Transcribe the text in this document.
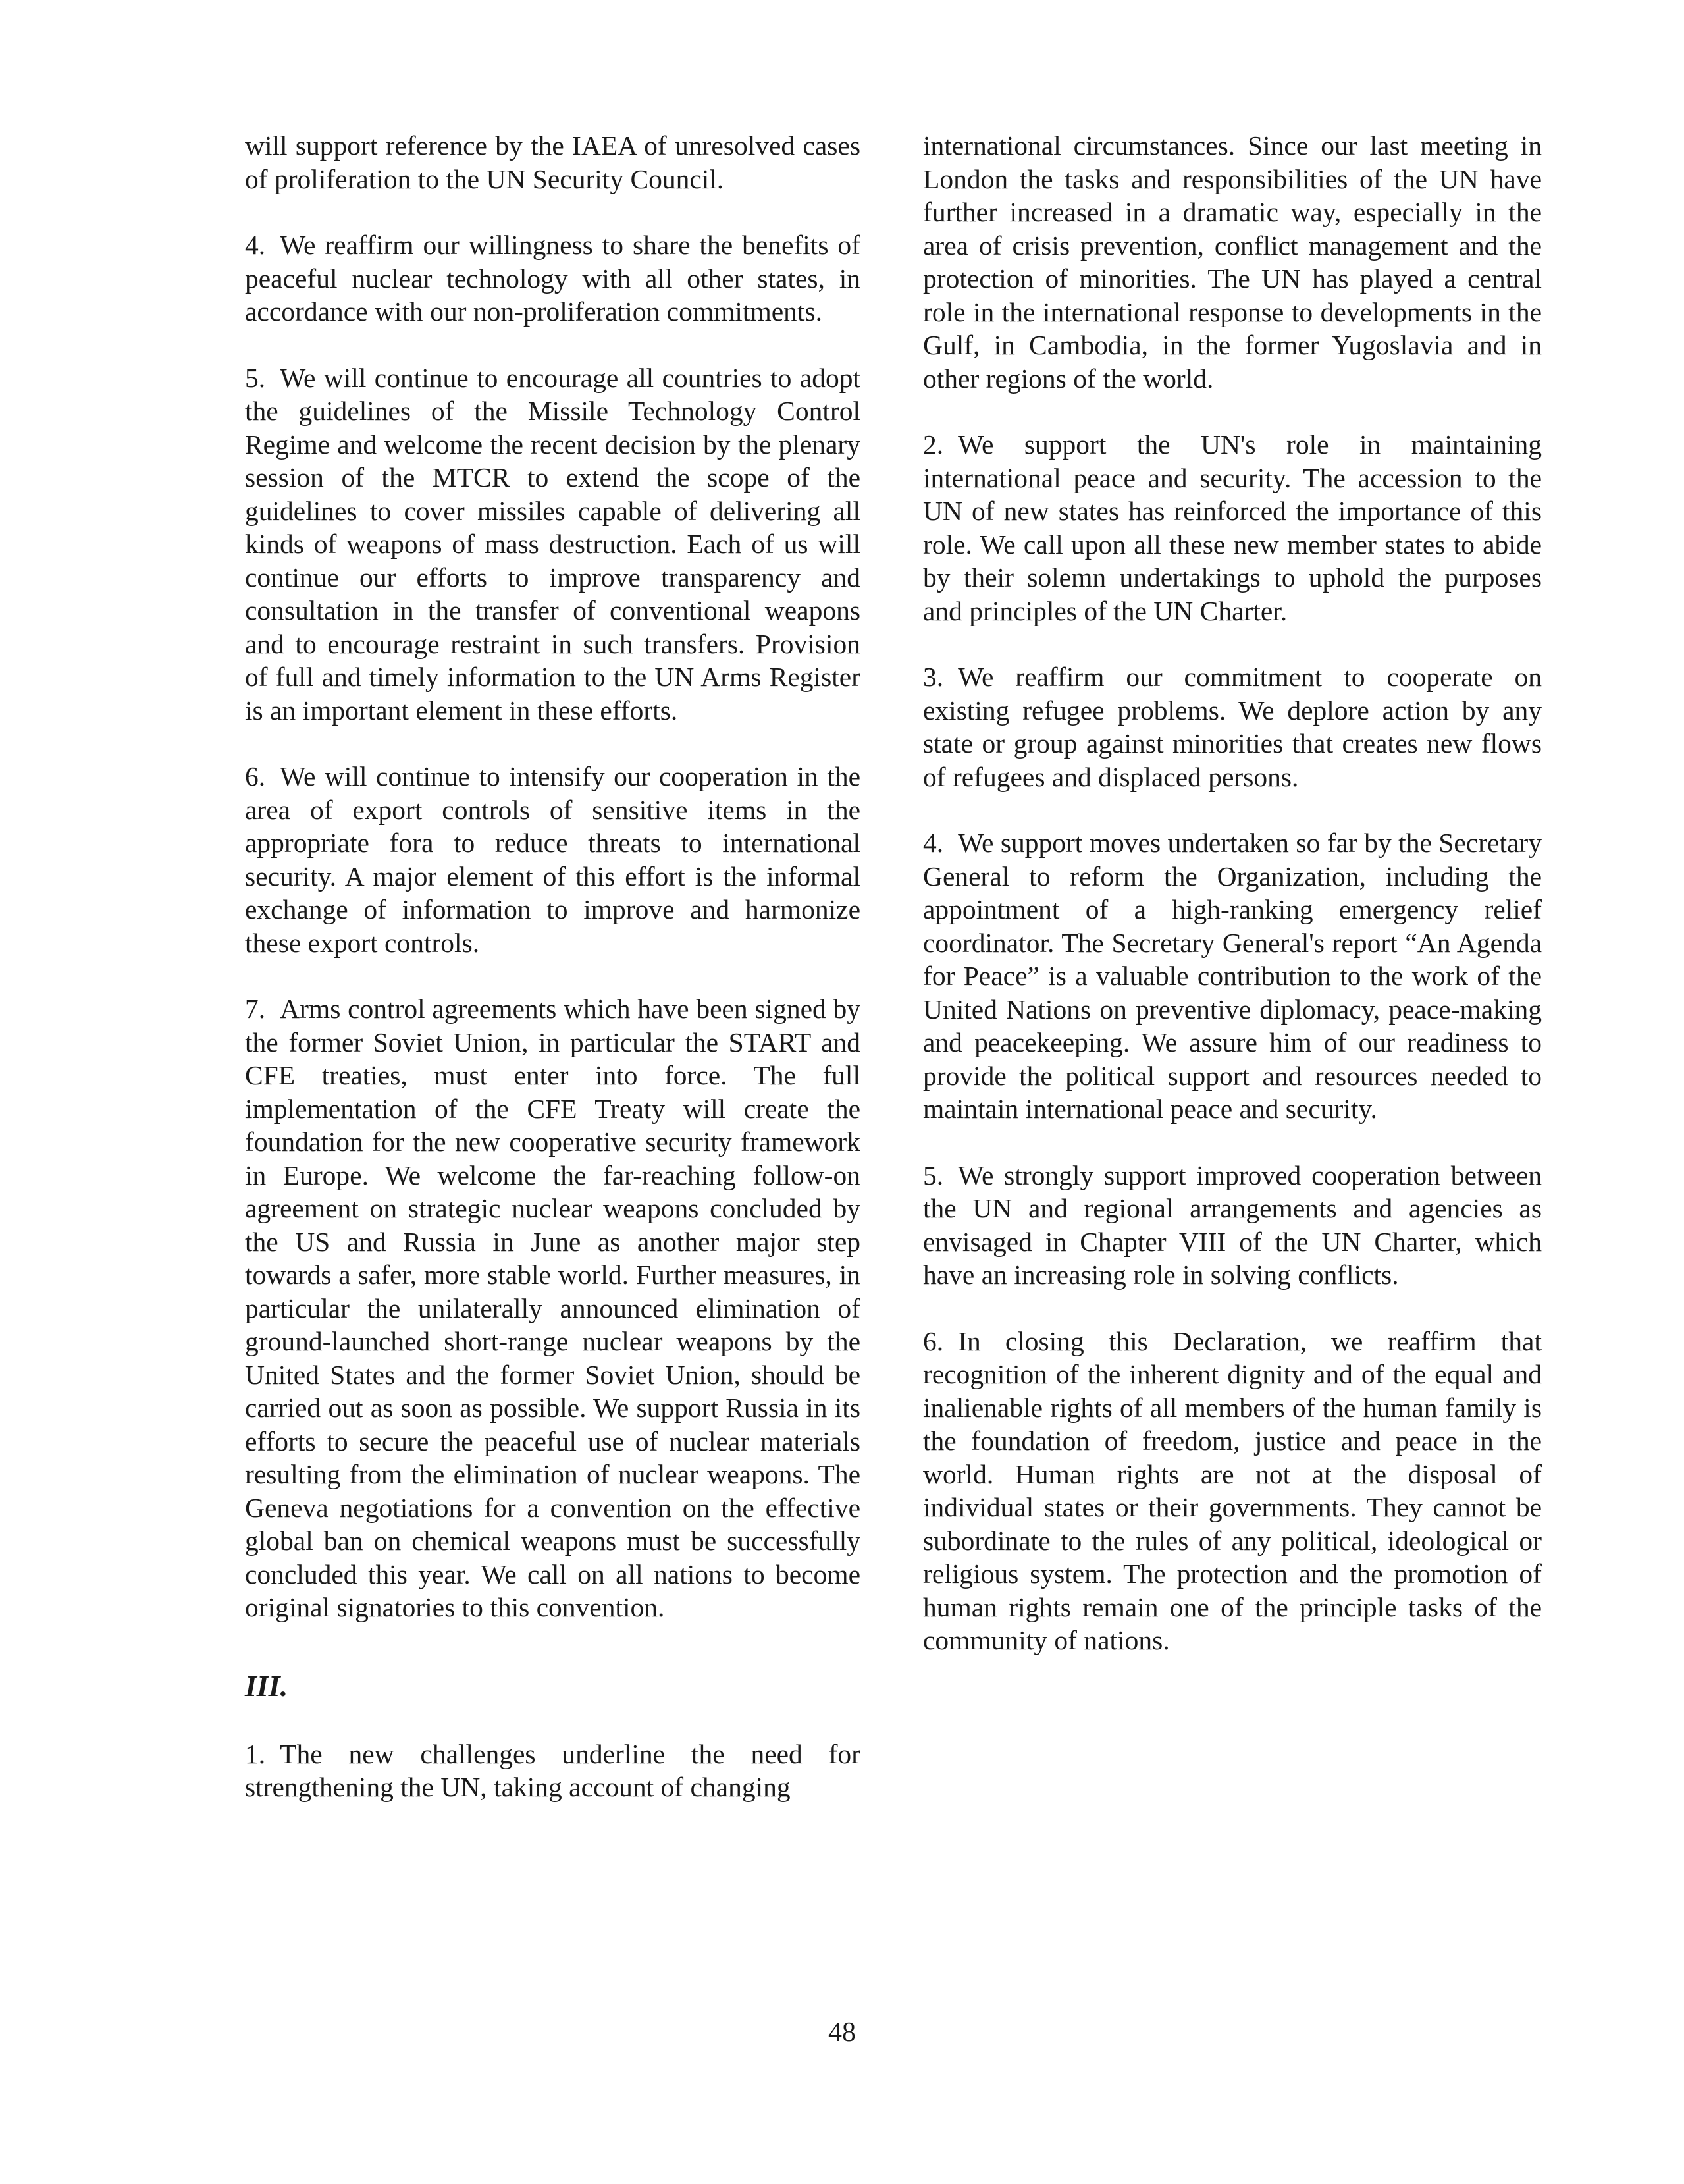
will support reference by the IAEA of unresolved cases of proliferation to the UN Security Council.

4. We reaffirm our willingness to share the benefits of peaceful nuclear technology with all other states, in accordance with our non-proliferation commitments.

5. We will continue to encourage all countries to adopt the guidelines of the Missile Technology Control Regime and welcome the recent decision by the plenary session of the MTCR to extend the scope of the guidelines to cover missiles capable of delivering all kinds of weapons of mass destruction. Each of us will continue our efforts to improve transparency and consultation in the transfer of conventional weapons and to encourage restraint in such transfers. Provision of full and timely information to the UN Arms Register is an important element in these efforts.

6. We will continue to intensify our cooperation in the area of export controls of sensitive items in the appropriate fora to reduce threats to international security. A major element of this effort is the informal exchange of information to improve and harmonize these export controls.

7. Arms control agreements which have been signed by the former Soviet Union, in particular the START and CFE treaties, must enter into force. The full implementation of the CFE Treaty will create the foundation for the new cooperative security framework in Europe. We welcome the far-reaching follow-on agreement on strategic nuclear weapons concluded by the US and Russia in June as another major step towards a safer, more stable world. Further measures, in particular the unilaterally announced elimination of ground-launched short-range nuclear weapons by the United States and the former Soviet Union, should be carried out as soon as possible. We support Russia in its efforts to secure the peaceful use of nuclear materials resulting from the elimination of nuclear weapons. The Geneva negotiations for a convention on the effective global ban on chemical weapons must be successfully concluded this year. We call on all nations to become original signatories to this convention.

III.

1. The new challenges underline the need for strengthening the UN, taking account of changing

international circumstances. Since our last meeting in London the tasks and responsibilities of the UN have further increased in a dramatic way, especially in the area of crisis prevention, conflict management and the protection of minorities. The UN has played a central role in the international response to developments in the Gulf, in Cambodia, in the former Yugoslavia and in other regions of the world.

2. We support the UN's role in maintaining international peace and security. The accession to the UN of new states has reinforced the importance of this role. We call upon all these new member states to abide by their solemn undertakings to uphold the purposes and principles of the UN Charter.

3. We reaffirm our commitment to cooperate on existing refugee problems. We deplore action by any state or group against minorities that creates new flows of refugees and displaced persons.

4. We support moves undertaken so far by the Secretary General to reform the Organization, including the appointment of a high-ranking emergency relief coordinator. The Secretary General's report “An Agenda for Peace” is a valuable contribution to the work of the United Nations on preventive diplomacy, peace-making and peacekeeping. We assure him of our readiness to provide the political support and resources needed to maintain international peace and security.

5. We strongly support improved cooperation between the UN and regional arrangements and agencies as envisaged in Chapter VIII of the UN Charter, which have an increasing role in solving conflicts.

6. In closing this Declaration, we reaffirm that recognition of the inherent dignity and of the equal and inalienable rights of all members of the human family is the foundation of freedom, justice and peace in the world. Human rights are not at the disposal of individual states or their governments. They cannot be subordinate to the rules of any political, ideological or religious system. The protection and the promotion of human rights remain one of the principle tasks of the community of nations.

48
